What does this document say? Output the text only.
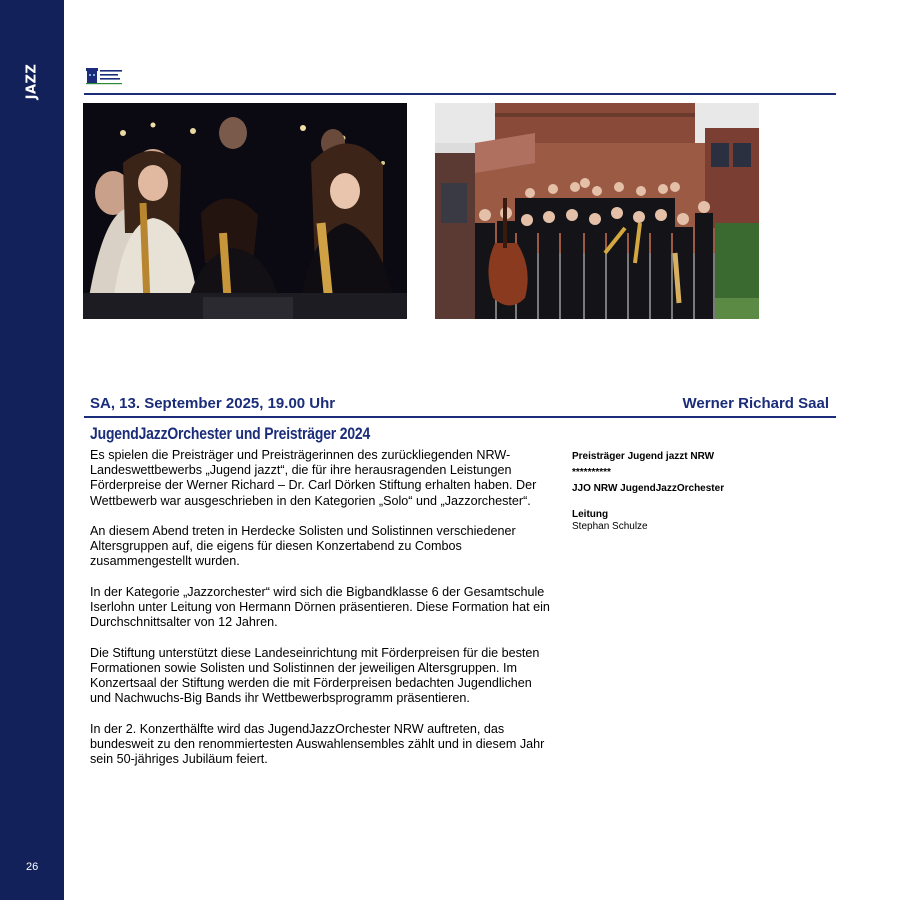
JAZZ
26
SA, 13. September 2025, 19.00 Uhr	Werner Richard Saal
JugendJazzOrchester und Preisträger 2024

Es spielen die Preisträger und Preisträgerinnen des zurückliegenden NRW-Landeswettbewerbs „Jugend jazzt“, die für ihre herausragenden Leistungen Förderpreise der Werner Richard – Dr. Carl Dörken Stiftung erhalten haben. Der Wettbewerb war ausgeschrieben in den Kategorien „Solo“ und „Jazzorchester“.

An diesem Abend treten in Herdecke Solisten und Solistinnen verschiedener Altersgruppen auf, die eigens für diesen Konzertabend zu Combos zusammengestellt wurden.

In der Kategorie „Jazzorchester“ wird sich die Bigbandklasse 6 der Gesamtschule Iserlohn unter Leitung von Hermann Dörnen präsentieren. Diese Formation hat ein Durchschnittsalter von 12 Jahren.

Die Stiftung unterstützt diese Landeseinrichtung mit Förderpreisen für die besten Formationen sowie Solisten und Solistinnen der jeweiligen Altersgruppen. Im Konzertsaal der Stiftung werden die mit Förderpreisen bedachten Jugendlichen und Nachwuchs-Big Bands ihr Wettbewerbsprogramm präsentieren.

In der 2. Konzerthälfte wird das JugendJazzOrchester NRW auftreten, das bundesweit zu den renommiertesten Auswahlensembles zählt und in diesem Jahr sein 50-jähriges Jubiläum feiert.

Preisträger Jugend jazzt NRW
**********
JJO NRW JugendJazzOrchester
Leitung
Stephan Schulze
